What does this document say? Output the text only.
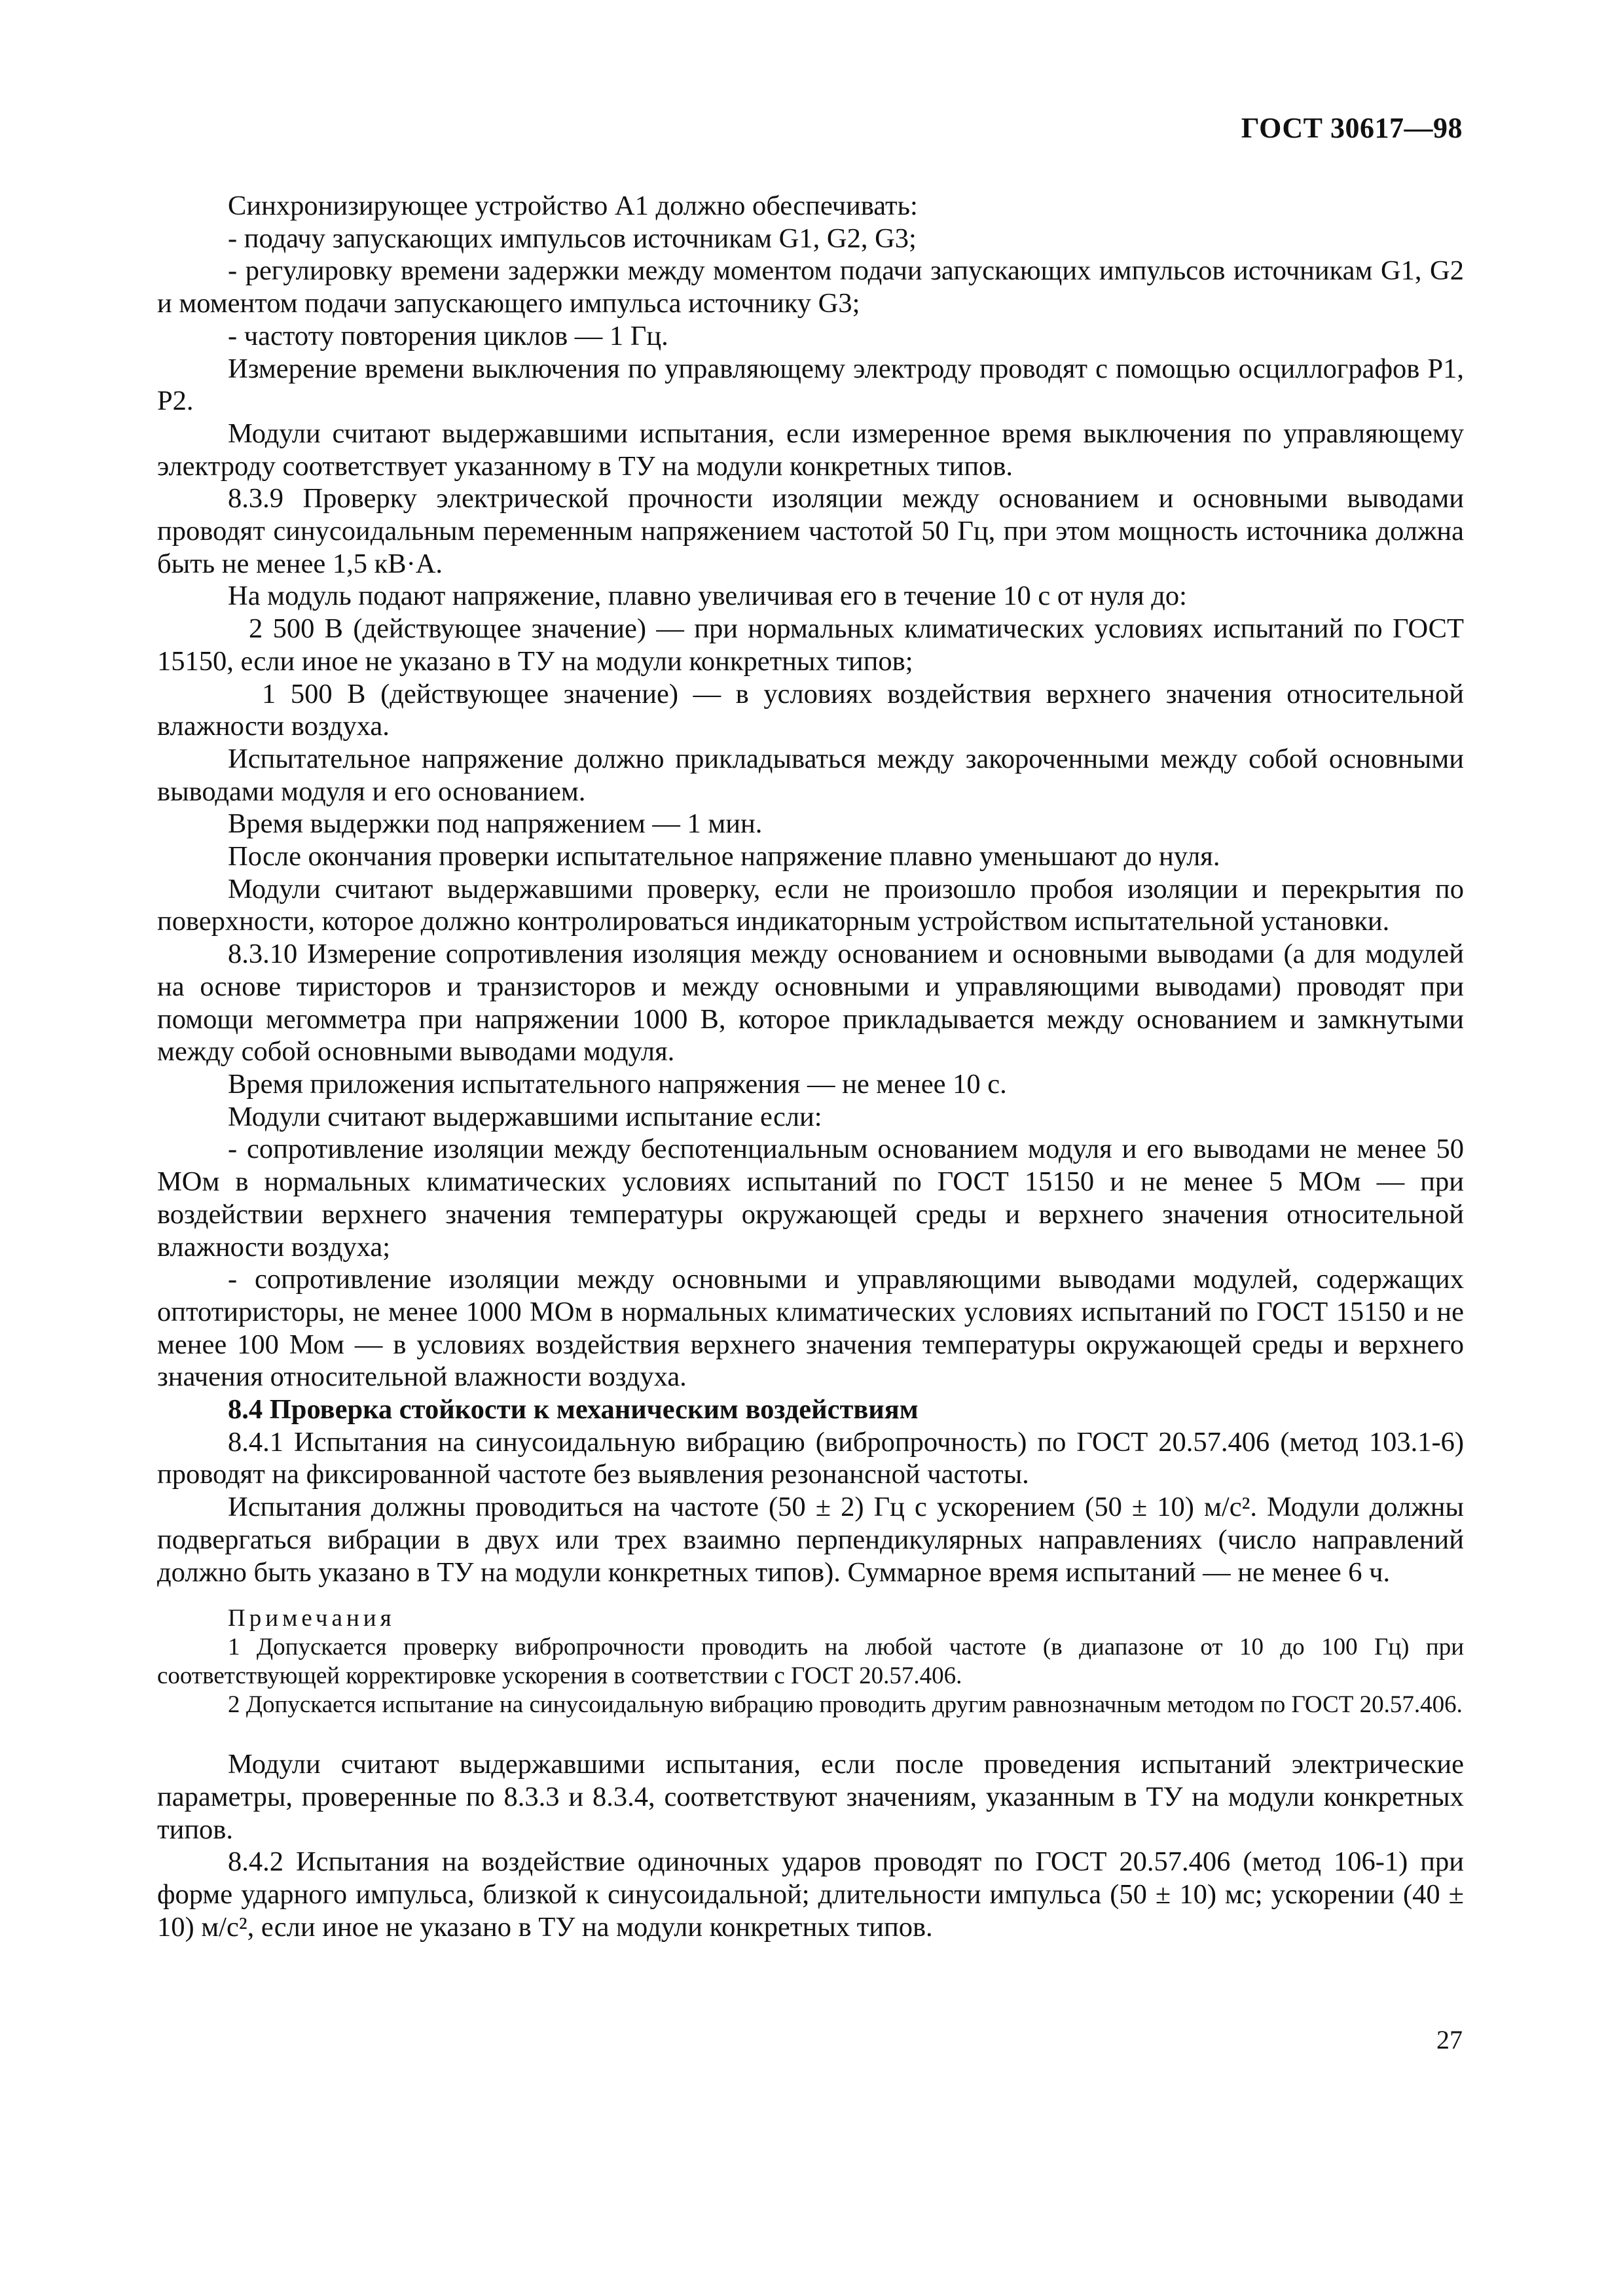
ГОСТ 30617—98

Синхронизирующее устройство А1 должно обеспечивать:

- подачу запускающих импульсов источникам G1, G2, G3;

- регулировку времени задержки между моментом подачи запускающих импульсов источникам G1, G2 и моментом подачи запускающего импульса источнику G3;

- частоту повторения циклов — 1 Гц.

Измерение времени выключения по управляющему электроду проводят с помощью осциллографов Р1, Р2.

Модули считают выдержавшими испытания, если измеренное время выключения по управляющему электроду соответствует указанному в ТУ на модули конкретных типов.

8.3.9 Проверку электрической прочности изоляции между основанием и основными выводами проводят синусоидальным переменным напряжением частотой 50 Гц, при этом мощность источника должна быть не менее 1,5 кВ·А.

На модуль подают напряжение, плавно увеличивая его в течение 10 с от нуля до:

2 500 В (действующее значение) — при нормальных климатических условиях испытаний по ГОСТ 15150, если иное не указано в ТУ на модули конкретных типов;

1 500 В (действующее значение) — в условиях воздействия верхнего значения относительной влажности воздуха.

Испытательное напряжение должно прикладываться между закороченными между собой основными выводами модуля и его основанием.

Время выдержки под напряжением — 1 мин.

После окончания проверки испытательное напряжение плавно уменьшают до нуля.

Модули считают выдержавшими проверку, если не произошло пробоя изоляции и перекрытия по поверхности, которое должно контролироваться индикаторным устройством испытательной установки.

8.3.10 Измерение сопротивления изоляция между основанием и основными выводами (а для модулей на основе тиристоров и транзисторов и между основными и управляющими выводами) проводят при помощи мегомметра при напряжении 1000 В, которое прикладывается между основанием и замкнутыми между собой основными выводами модуля.

Время приложения испытательного напряжения — не менее 10 с.

Модули считают выдержавшими испытание если:

- сопротивление изоляции между беспотенциальным основанием модуля и его выводами не менее 50 МОм в нормальных климатических условиях испытаний по ГОСТ 15150 и не менее 5 МОм — при воздействии верхнего значения температуры окружающей среды и верхнего значения относительной влажности воздуха;

- сопротивление изоляции между основными и управляющими выводами модулей, содержащих оптотиристоры, не менее 1000 МОм в нормальных климатических условиях испытаний по ГОСТ 15150 и не менее 100 Мом — в условиях воздействия верхнего значения температуры окружающей среды и верхнего значения относительной влажности воздуха.

8.4 Проверка стойкости к механическим воздействиям

8.4.1 Испытания на синусоидальную вибрацию (вибропрочность) по ГОСТ 20.57.406 (метод 103.1-6) проводят на фиксированной частоте без выявления резонансной частоты.

Испытания должны проводиться на частоте (50 ± 2) Гц с ускорением (50 ± 10) м/с². Модули должны подвергаться вибрации в двух или трех взаимно перпендикулярных направлениях (число направлений должно быть указано в ТУ на модули конкретных типов). Суммарное время испытаний — не менее 6 ч.

Примечания

1 Допускается проверку вибропрочности проводить на любой частоте (в диапазоне от 10 до 100 Гц) при соответствующей корректировке ускорения в соответствии с ГОСТ 20.57.406.

2 Допускается испытание на синусоидальную вибрацию проводить другим равнозначным методом по ГОСТ 20.57.406.

Модули считают выдержавшими испытания, если после проведения испытаний электрические параметры, проверенные по 8.3.3 и 8.3.4, соответствуют значениям, указанным в ТУ на модули конкретных типов.

8.4.2 Испытания на воздействие одиночных ударов проводят по ГОСТ 20.57.406 (метод 106-1) при форме ударного импульса, близкой к синусоидальной; длительности импульса (50 ± 10) мс; ускорении (40 ± 10) м/с², если иное не указано в ТУ на модули конкретных типов.

27
